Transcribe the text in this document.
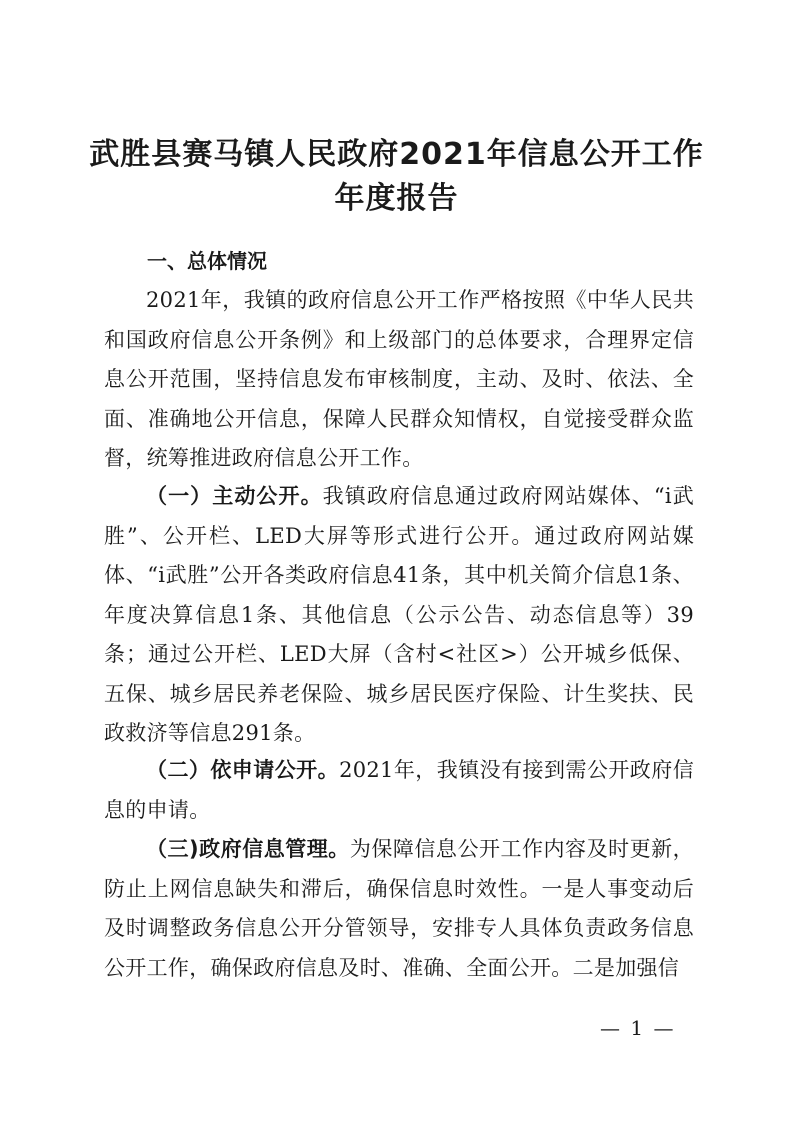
武胜县赛马镇人民政府2021年信息公开工作
年度报告
一、总体情况
2021年，我镇的政府信息公开工作严格按照《中华人民共和国政府信息公开条例》和上级部门的总体要求，合理界定信息公开范围，坚持信息发布审核制度，主动、及时、依法、全面、准确地公开信息，保障人民群众知情权，自觉接受群众监督，统筹推进政府信息公开工作。
（一）主动公开。我镇政府信息通过政府网站媒体、“i武胜”、公开栏、LED大屏等形式进行公开。通过政府网站媒体、“i武胜”公开各类政府信息41条，其中机关简介信息1条、年度决算信息1条、其他信息（公示公告、动态信息等）39条；通过公开栏、LED大屏（含村<社区>）公开城乡低保、五保、城乡居民养老保险、城乡居民医疗保险、计生奖扶、民政救济等信息291条。
（二）依申请公开。2021年，我镇没有接到需公开政府信息的申请。
（三)政府信息管理。为保障信息公开工作内容及时更新，防止上网信息缺失和滞后，确保信息时效性。一是人事变动后及时调整政务信息公开分管领导，安排专人具体负责政务信息公开工作，确保政府信息及时、准确、全面公开。二是加强信
— 1 —
